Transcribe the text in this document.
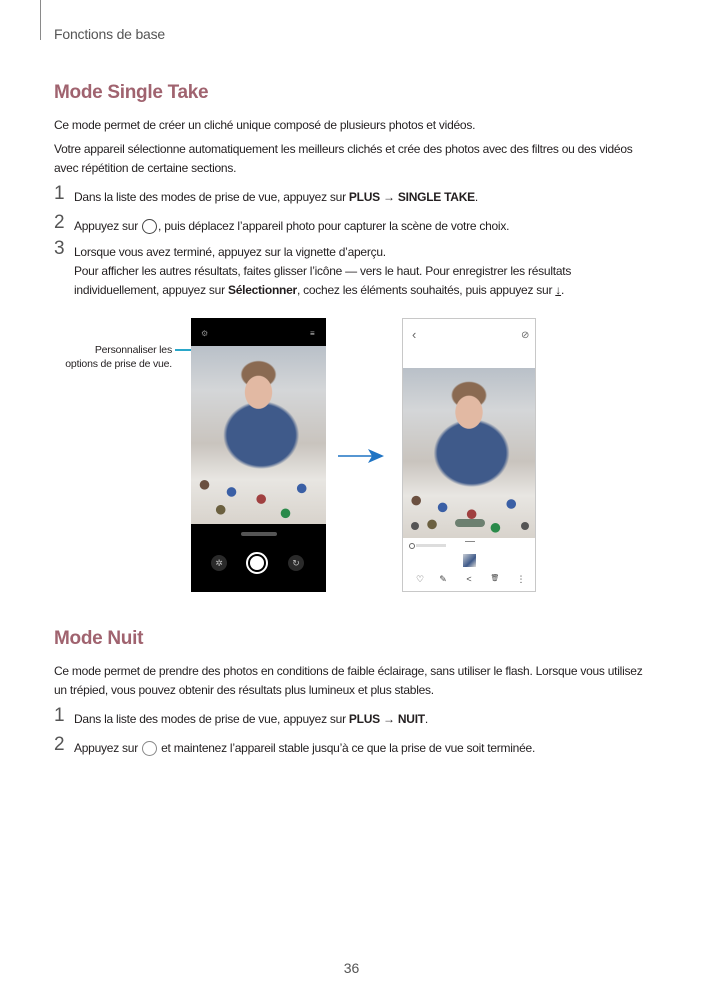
Fonctions de base
Mode Single Take
Ce mode permet de créer un cliché unique composé de plusieurs photos et vidéos.
Votre appareil sélectionne automatiquement les meilleurs clichés et crée des photos avec des filtres ou des vidéos avec répétition de certaine sections.
1 Dans la liste des modes de prise de vue, appuyez sur PLUS → SINGLE TAKE.
2 Appuyez sur , puis déplacez l’appareil photo pour capturer la scène de votre choix.
3 Lorsque vous avez terminé, appuyez sur la vignette d’aperçu.
Pour afficher les autres résultats, faites glisser l’icône — vers le haut. Pour enregistrer les résultats individuellement, appuyez sur Sélectionner, cochez les éléments souhaités, puis appuyez sur ↓.
Personnaliser les options de prise de vue.
⚙	≡
✲	↻
‹	⊘
♡ ✎	<	🗑 ⋮
Mode Nuit
Ce mode permet de prendre des photos en conditions de faible éclairage, sans utiliser le flash. Lorsque vous utilisez un trépied, vous pouvez obtenir des résultats plus lumineux et plus stables.
1 Dans la liste des modes de prise de vue, appuyez sur PLUS → NUIT.
2 Appuyez sur  et maintenez l’appareil stable jusqu’à ce que la prise de vue soit terminée.
36
